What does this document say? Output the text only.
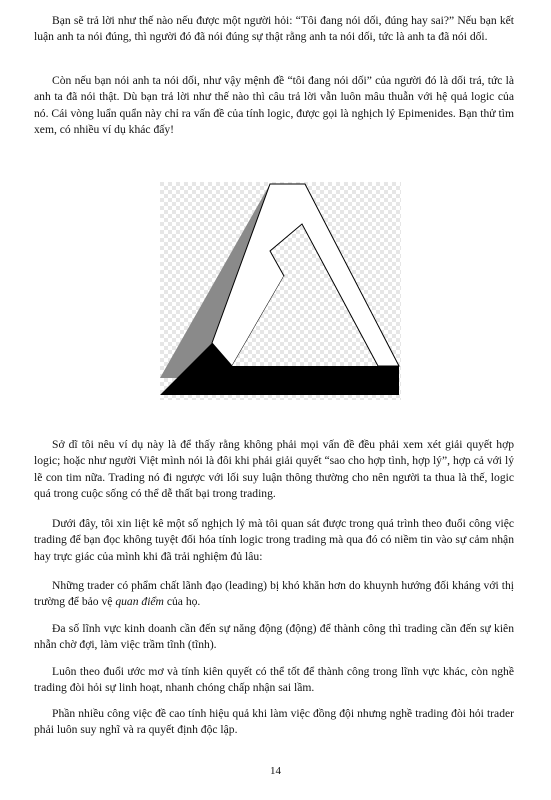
Bạn sẽ trả lời như thế nào nếu được một người hỏi: “Tôi đang nói dối, đúng hay sai?” Nếu bạn kết luận anh ta nói đúng, thì người đó đã nói đúng sự thật rằng anh ta nói dối, tức là anh ta đã nói dối.

Còn nếu bạn nói anh ta nói dối, như vậy mệnh đề “tôi đang nói dối” của người đó là dối trá, tức là anh ta đã nói thật. Dù bạn trả lời như thế nào thì câu trả lời vẫn luôn mâu thuẫn với hệ quả logic của nó. Cái vòng luẩn quẩn này chỉ ra vấn đề của tính logic, được gọi là nghịch lý Epimenides. Bạn thử tìm xem, có nhiều ví dụ khác đấy!

Sở dĩ tôi nêu ví dụ này là để thấy rằng không phải mọi vấn đề đều phải xem xét giải quyết hợp logic; hoặc như người Việt mình nói là đôi khi phải giải quyết “sao cho hợp tình, hợp lý”, hợp cả với lý lẽ con tim nữa. Trading nó đi ngược với lối suy luận thông thường cho nên người ta thua là thế, logic quá trong cuộc sống có thể dễ thất bại trong trading.

Dưới đây, tôi xin liệt kê một số nghịch lý mà tôi quan sát được trong quá trình theo đuổi công việc trading để bạn đọc không tuyệt đối hóa tính logic trong trading mà qua đó có niềm tin vào sự cảm nhận hay trực giác của mình khi đã trải nghiệm đủ lâu:

Những trader có phẩm chất lãnh đạo (leading) bị khó khăn hơn do khuynh hướng đối kháng với thị trường để bảo vệ quan điểm của họ.

Đa số lĩnh vực kinh doanh cần đến sự năng động (động) để thành công thì trading cần đến sự kiên nhẫn chờ đợi, làm việc trầm tĩnh (tĩnh).

Luôn theo đuổi ước mơ và tính kiên quyết có thể tốt để thành công trong lĩnh vực khác, còn nghề trading đòi hỏi sự linh hoạt, nhanh chóng chấp nhận sai lầm.

Phần nhiều công việc đề cao tính hiệu quả khi làm việc đồng đội nhưng nghề trading đòi hỏi trader phải luôn suy nghĩ và ra quyết định độc lập.

14
